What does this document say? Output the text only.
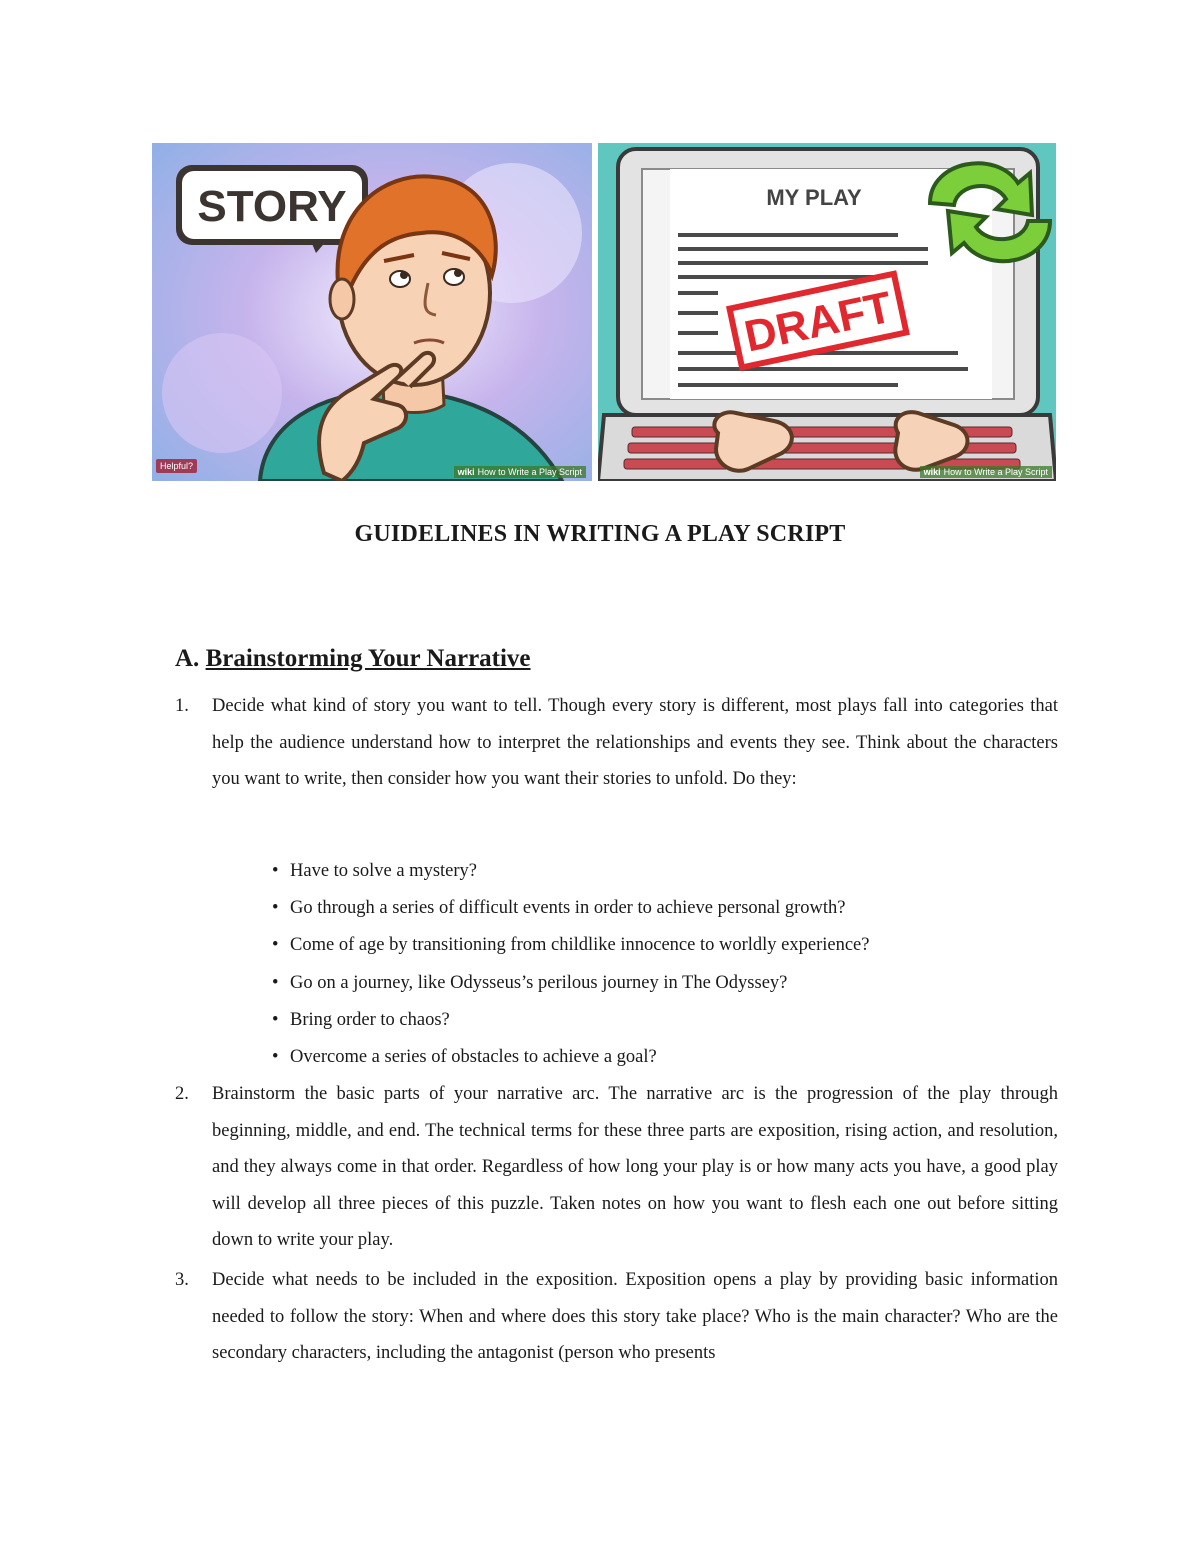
STORY
Helpful?
wiki How to Write a Play Script
MY PLAY
DRAFT
wiki How to Write a Play Script
GUIDELINES IN WRITING A PLAY SCRIPT
A. Brainstorming Your Narrative
1. Decide what kind of story you want to tell. Though every story is different, most plays fall into categories that help the audience understand how to interpret the relationships and events they see. Think about the characters you want to write, then consider how you want their stories to unfold. Do they:

• Have to solve a mystery?
• Go through a series of difficult events in order to achieve personal growth?
• Come of age by transitioning from childlike innocence to worldly experience?
• Go on a journey, like Odysseus’s perilous journey in The Odyssey?
• Bring order to chaos?
• Overcome a series of obstacles to achieve a goal?
2. Brainstorm the basic parts of your narrative arc. The narrative arc is the progression of the play through beginning, middle, and end. The technical terms for these three parts are exposition, rising action, and resolution, and they always come in that order. Regardless of how long your play is or how many acts you have, a good play will develop all three pieces of this puzzle. Taken notes on how you want to flesh each one out before sitting down to write your play.

3. Decide what needs to be included in the exposition. Exposition opens a play by providing basic information needed to follow the story: When and where does this story take place? Who is the main character? Who are the secondary characters, including the antagonist (person who presents
